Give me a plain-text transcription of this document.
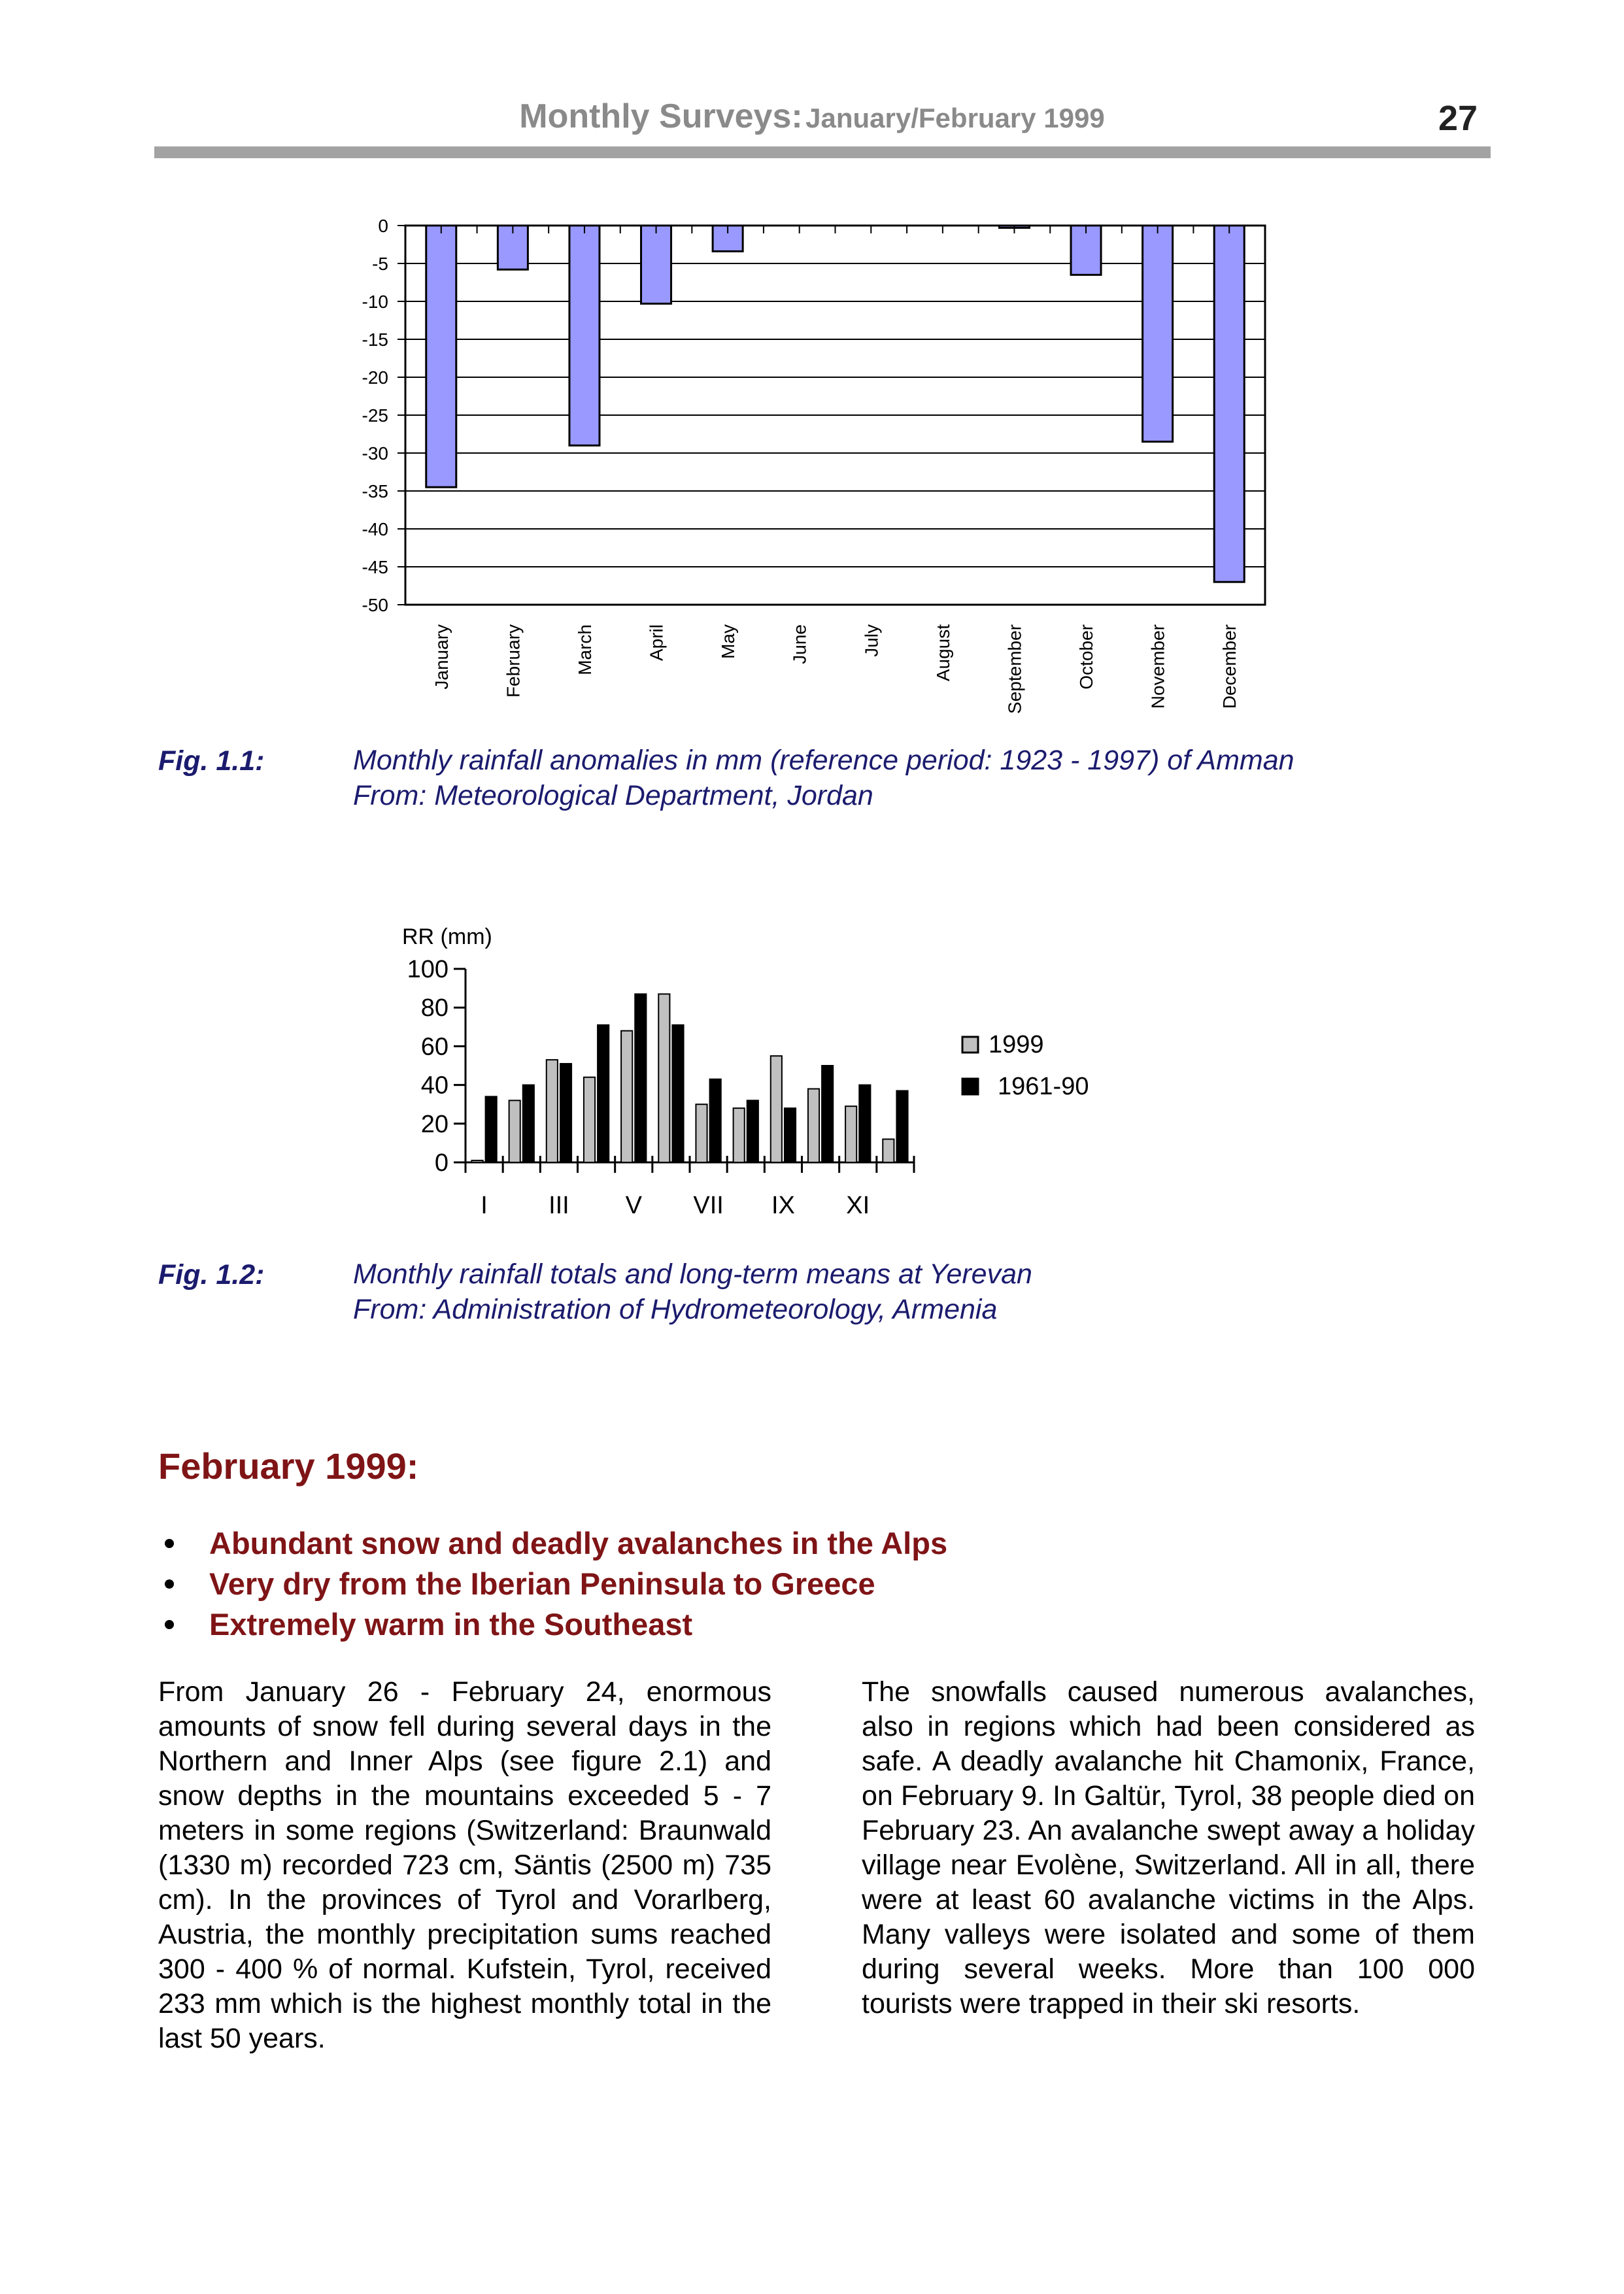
Monthly Surveys: January/February 1999	27
0
-5
-10
-15
-20
-25
-30
-35
-40
-45
-50
January	February	March	April	May	June	July	August	September	October	November	December
Fig. 1.1:	Monthly rainfall anomalies in mm (reference period: 1923 - 1997) of Amman
From: Meteorological Department, Jordan
RR (mm)
0
20
40
60
80
100
I III V VII IX XI
1999
1961-90
Fig. 1.2:	Monthly rainfall totals and long-term means at Yerevan
From: Administration of Hydrometeorology, Armenia
February 1999:
Abundant snow and deadly avalanches in the Alps
Very dry from the Iberian Peninsula to Greece
Extremely warm in the Southeast
From January 26 - February 24, enormous amounts of snow fell during several days in the Northern and Inner Alps (see figure 2.1) and snow depths in the mountains exceeded 5 - 7 meters in some regions (Switzerland: Braunwald (1330 m) recorded 723 cm, Säntis (2500 m) 735 cm). In the provinces of Tyrol and Vorarlberg, Austria, the monthly precipitation sums reached 300 - 400 % of normal. Kufstein, Tyrol, received 233 mm which is the highest monthly total in the last 50 years.
The snowfalls caused numerous avalanches, also in regions which had been considered as safe. A deadly avalanche hit Chamonix, France, on February 9. In Galtür, Tyrol, 38 people died on February 23. An avalanche swept away a holiday village near Evolène, Switzerland. All in all, there were at least 60 avalanche victims in the Alps. Many valleys were isolated and some of them during several weeks. More than 100 000 tourists were trapped in their ski resorts.
